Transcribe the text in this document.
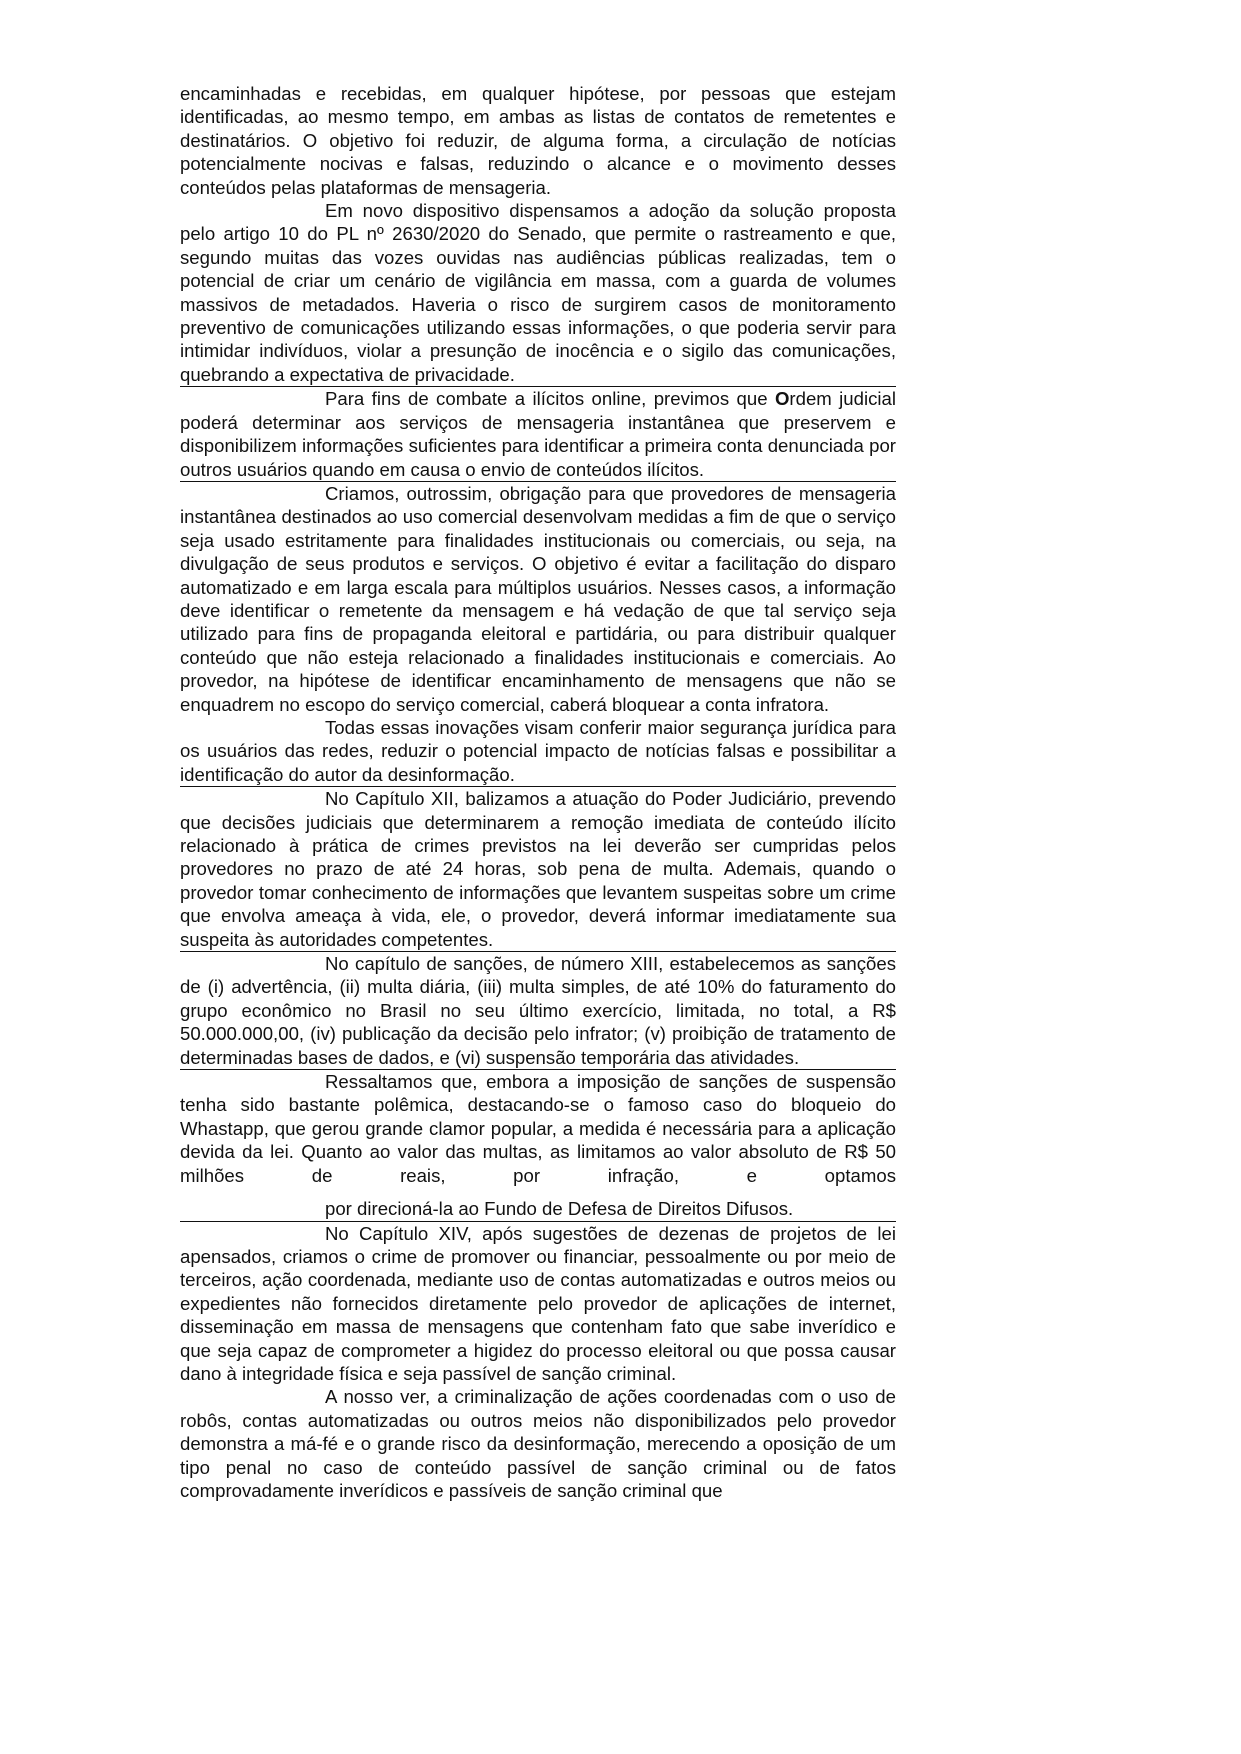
encaminhadas e recebidas, em qualquer hipótese, por pessoas que estejam identificadas, ao mesmo tempo, em ambas as listas de contatos de remetentes e destinatários. O objetivo foi reduzir, de alguma forma, a circulação de notícias potencialmente nocivas e falsas, reduzindo o alcance e o movimento desses conteúdos pelas plataformas de mensageria.

Em novo dispositivo dispensamos a adoção da solução proposta pelo artigo 10 do PL nº 2630/2020 do Senado, que permite o rastreamento e que, segundo muitas das vozes ouvidas nas audiências públicas realizadas, tem o potencial de criar um cenário de vigilância em massa, com a guarda de volumes massivos de metadados. Haveria o risco de surgirem casos de monitoramento preventivo de comunicações utilizando essas informações, o que poderia servir para intimidar indivíduos, violar a presunção de inocência e o sigilo das comunicações, quebrando a expectativa de privacidade.

Para fins de combate a ilícitos online, previmos que Ordem judicial poderá determinar aos serviços de mensageria instantânea que preservem e disponibilizem informações suficientes para identificar a primeira conta denunciada por outros usuários quando em causa o envio de conteúdos ilícitos.

Criamos, outrossim, obrigação para que provedores de mensageria instantânea destinados ao uso comercial desenvolvam medidas a fim de que o serviço seja usado estritamente para finalidades institucionais ou comerciais, ou seja, na divulgação de seus produtos e serviços. O objetivo é evitar a facilitação do disparo automatizado e em larga escala para múltiplos usuários. Nesses casos, a informação deve identificar o remetente da mensagem e há vedação de que tal serviço seja utilizado para fins de propaganda eleitoral e partidária, ou para distribuir qualquer conteúdo que não esteja relacionado a finalidades institucionais e comerciais. Ao provedor, na hipótese de identificar encaminhamento de mensagens que não se enquadrem no escopo do serviço comercial, caberá bloquear a conta infratora.

Todas essas inovações visam conferir maior segurança jurídica para os usuários das redes, reduzir o potencial impacto de notícias falsas e possibilitar a identificação do autor da desinformação.

No Capítulo XII, balizamos a atuação do Poder Judiciário, prevendo que decisões judiciais que determinarem a remoção imediata de conteúdo ilícito relacionado à prática de crimes previstos na lei deverão ser cumpridas pelos provedores no prazo de até 24 horas, sob pena de multa. Ademais, quando o provedor tomar conhecimento de informações que levantem suspeitas sobre um crime que envolva ameaça à vida, ele, o provedor, deverá informar imediatamente sua suspeita às autoridades competentes.

No capítulo de sanções, de número XIII, estabelecemos as sanções de (i) advertência, (ii) multa diária, (iii) multa simples, de até 10% do faturamento do grupo econômico no Brasil no seu último exercício, limitada, no total, a R$ 50.000.000,00, (iv) publicação da decisão pelo infrator; (v) proibição de tratamento de determinadas bases de dados, e (vi) suspensão temporária das atividades.

Ressaltamos que, embora a imposição de sanções de suspensão tenha sido bastante polêmica, destacando-se o famoso caso do bloqueio do Whastapp, que gerou grande clamor popular, a medida é necessária para a aplicação devida da lei. Quanto ao valor das multas, as limitamos ao valor absoluto de R$ 50 milhões de reais, por infração, e optamos por direcioná-la ao Fundo de Defesa de Direitos Difusos.

No Capítulo XIV, após sugestões de dezenas de projetos de lei apensados, criamos o crime de promover ou financiar, pessoalmente ou por meio de terceiros, ação coordenada, mediante uso de contas automatizadas e outros meios ou expedientes não fornecidos diretamente pelo provedor de aplicações de internet, disseminação em massa de mensagens que contenham fato que sabe inverídico e que seja capaz de comprometer a higidez do processo eleitoral ou que possa causar dano à integridade física e seja passível de sanção criminal.

A nosso ver, a criminalização de ações coordenadas com o uso de robôs, contas automatizadas ou outros meios não disponibilizados pelo provedor demonstra a má-fé e o grande risco da desinformação, merecendo a oposição de um tipo penal no caso de conteúdo passível de sanção criminal ou de fatos comprovadamente inverídicos e passíveis de sanção criminal que
